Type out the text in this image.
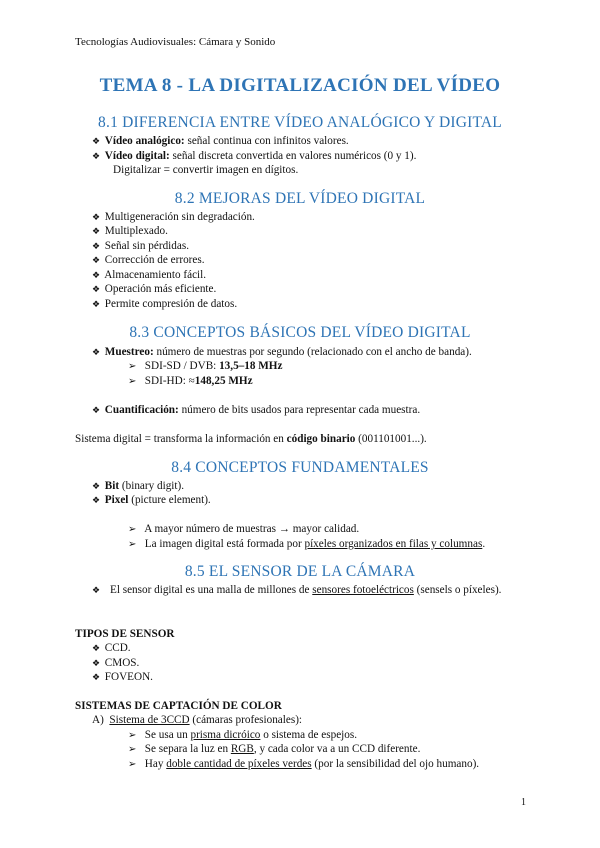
Tecnologías Audiovisuales: Cámara y Sonido
TEMA 8 - LA DIGITALIZACIÓN DEL VÍDEO
8.1 DIFERENCIA ENTRE VÍDEO ANALÓGICO Y DIGITAL
❖ Vídeo analógico: señal continua con infinitos valores.
❖ Vídeo digital: señal discreta convertida en valores numéricos (0 y 1).
Digitalizar = convertir imagen en dígitos.
8.2 MEJORAS DEL VÍDEO DIGITAL
❖ Multigeneración sin degradación.
❖ Multiplexado.
❖ Señal sin pérdidas.
❖ Corrección de errores.
❖ Almacenamiento fácil.
❖ Operación más eficiente.
❖ Permite compresión de datos.
8.3 CONCEPTOS BÁSICOS DEL VÍDEO DIGITAL
❖ Muestreo: número de muestras por segundo (relacionado con el ancho de banda).
➢ SDI-SD / DVB: 13,5–18 MHz
➢ SDI-HD: ≈148,25 MHz
❖ Cuantificación: número de bits usados para representar cada muestra.
Sistema digital = transforma la información en código binario (001101001...).
8.4 CONCEPTOS FUNDAMENTALES
❖ Bit (binary digit).
❖ Pixel (picture element).
➢ A mayor número de muestras → mayor calidad.
➢ La imagen digital está formada por píxeles organizados en filas y columnas.
8.5 EL SENSOR DE LA CÁMARA
❖ El sensor digital es una malla de millones de sensores fotoeléctricos (sensels o píxeles).
TIPOS DE SENSOR
❖ CCD.
❖ CMOS.
❖ FOVEON.
SISTEMAS DE CAPTACIÓN DE COLOR
A) Sistema de 3CCD (cámaras profesionales):
➢ Se usa un prisma dicróico o sistema de espejos.
➢ Se separa la luz en RGB, y cada color va a un CCD diferente.
➢ Hay doble cantidad de píxeles verdes (por la sensibilidad del ojo humano).
1
